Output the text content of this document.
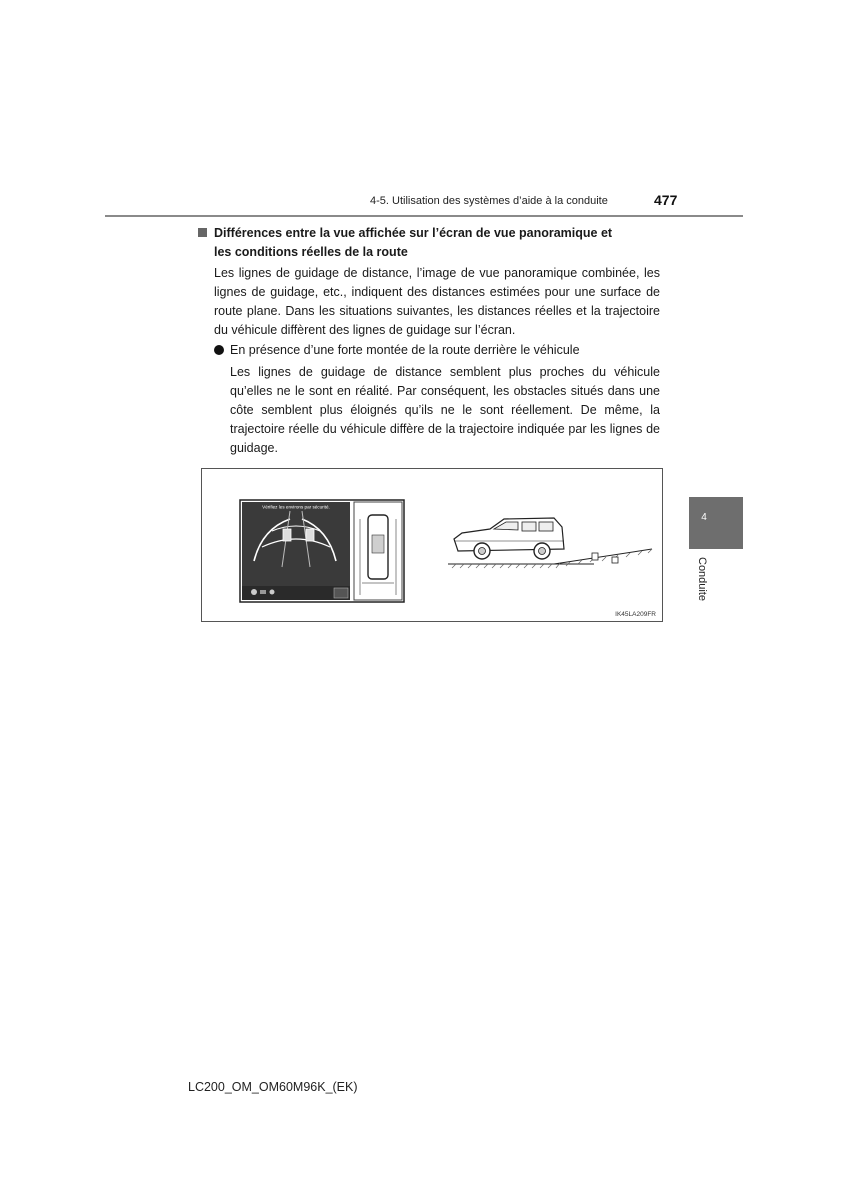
4-5. Utilisation des systèmes d’aide à la conduite	477
Différences entre la vue affichée sur l’écran de vue panoramique et
les conditions réelles de la route
Les lignes de guidage de distance, l’image de vue panoramique combinée, les lignes de guidage, etc., indiquent des distances estimées pour une surface de route plane. Dans les situations suivantes, les distances réelles et la trajectoire du véhicule diffèrent des lignes de guidage sur l’écran.
En présence d’une forte montée de la route derrière le véhicule
Les lignes de guidage de distance semblent plus proches du véhicule qu’elles ne le sont en réalité. Par conséquent, les obstacles situés dans une côte semblent plus éloignés qu’ils ne le sont réellement. De même, la trajectoire réelle du véhicule diffère de la trajectoire indiquée par les lignes de guidage.
Vérifiez les environs par sécurité.
IK45LA209FR
4
Conduite
LC200_OM_OM60M96K_(EK)
